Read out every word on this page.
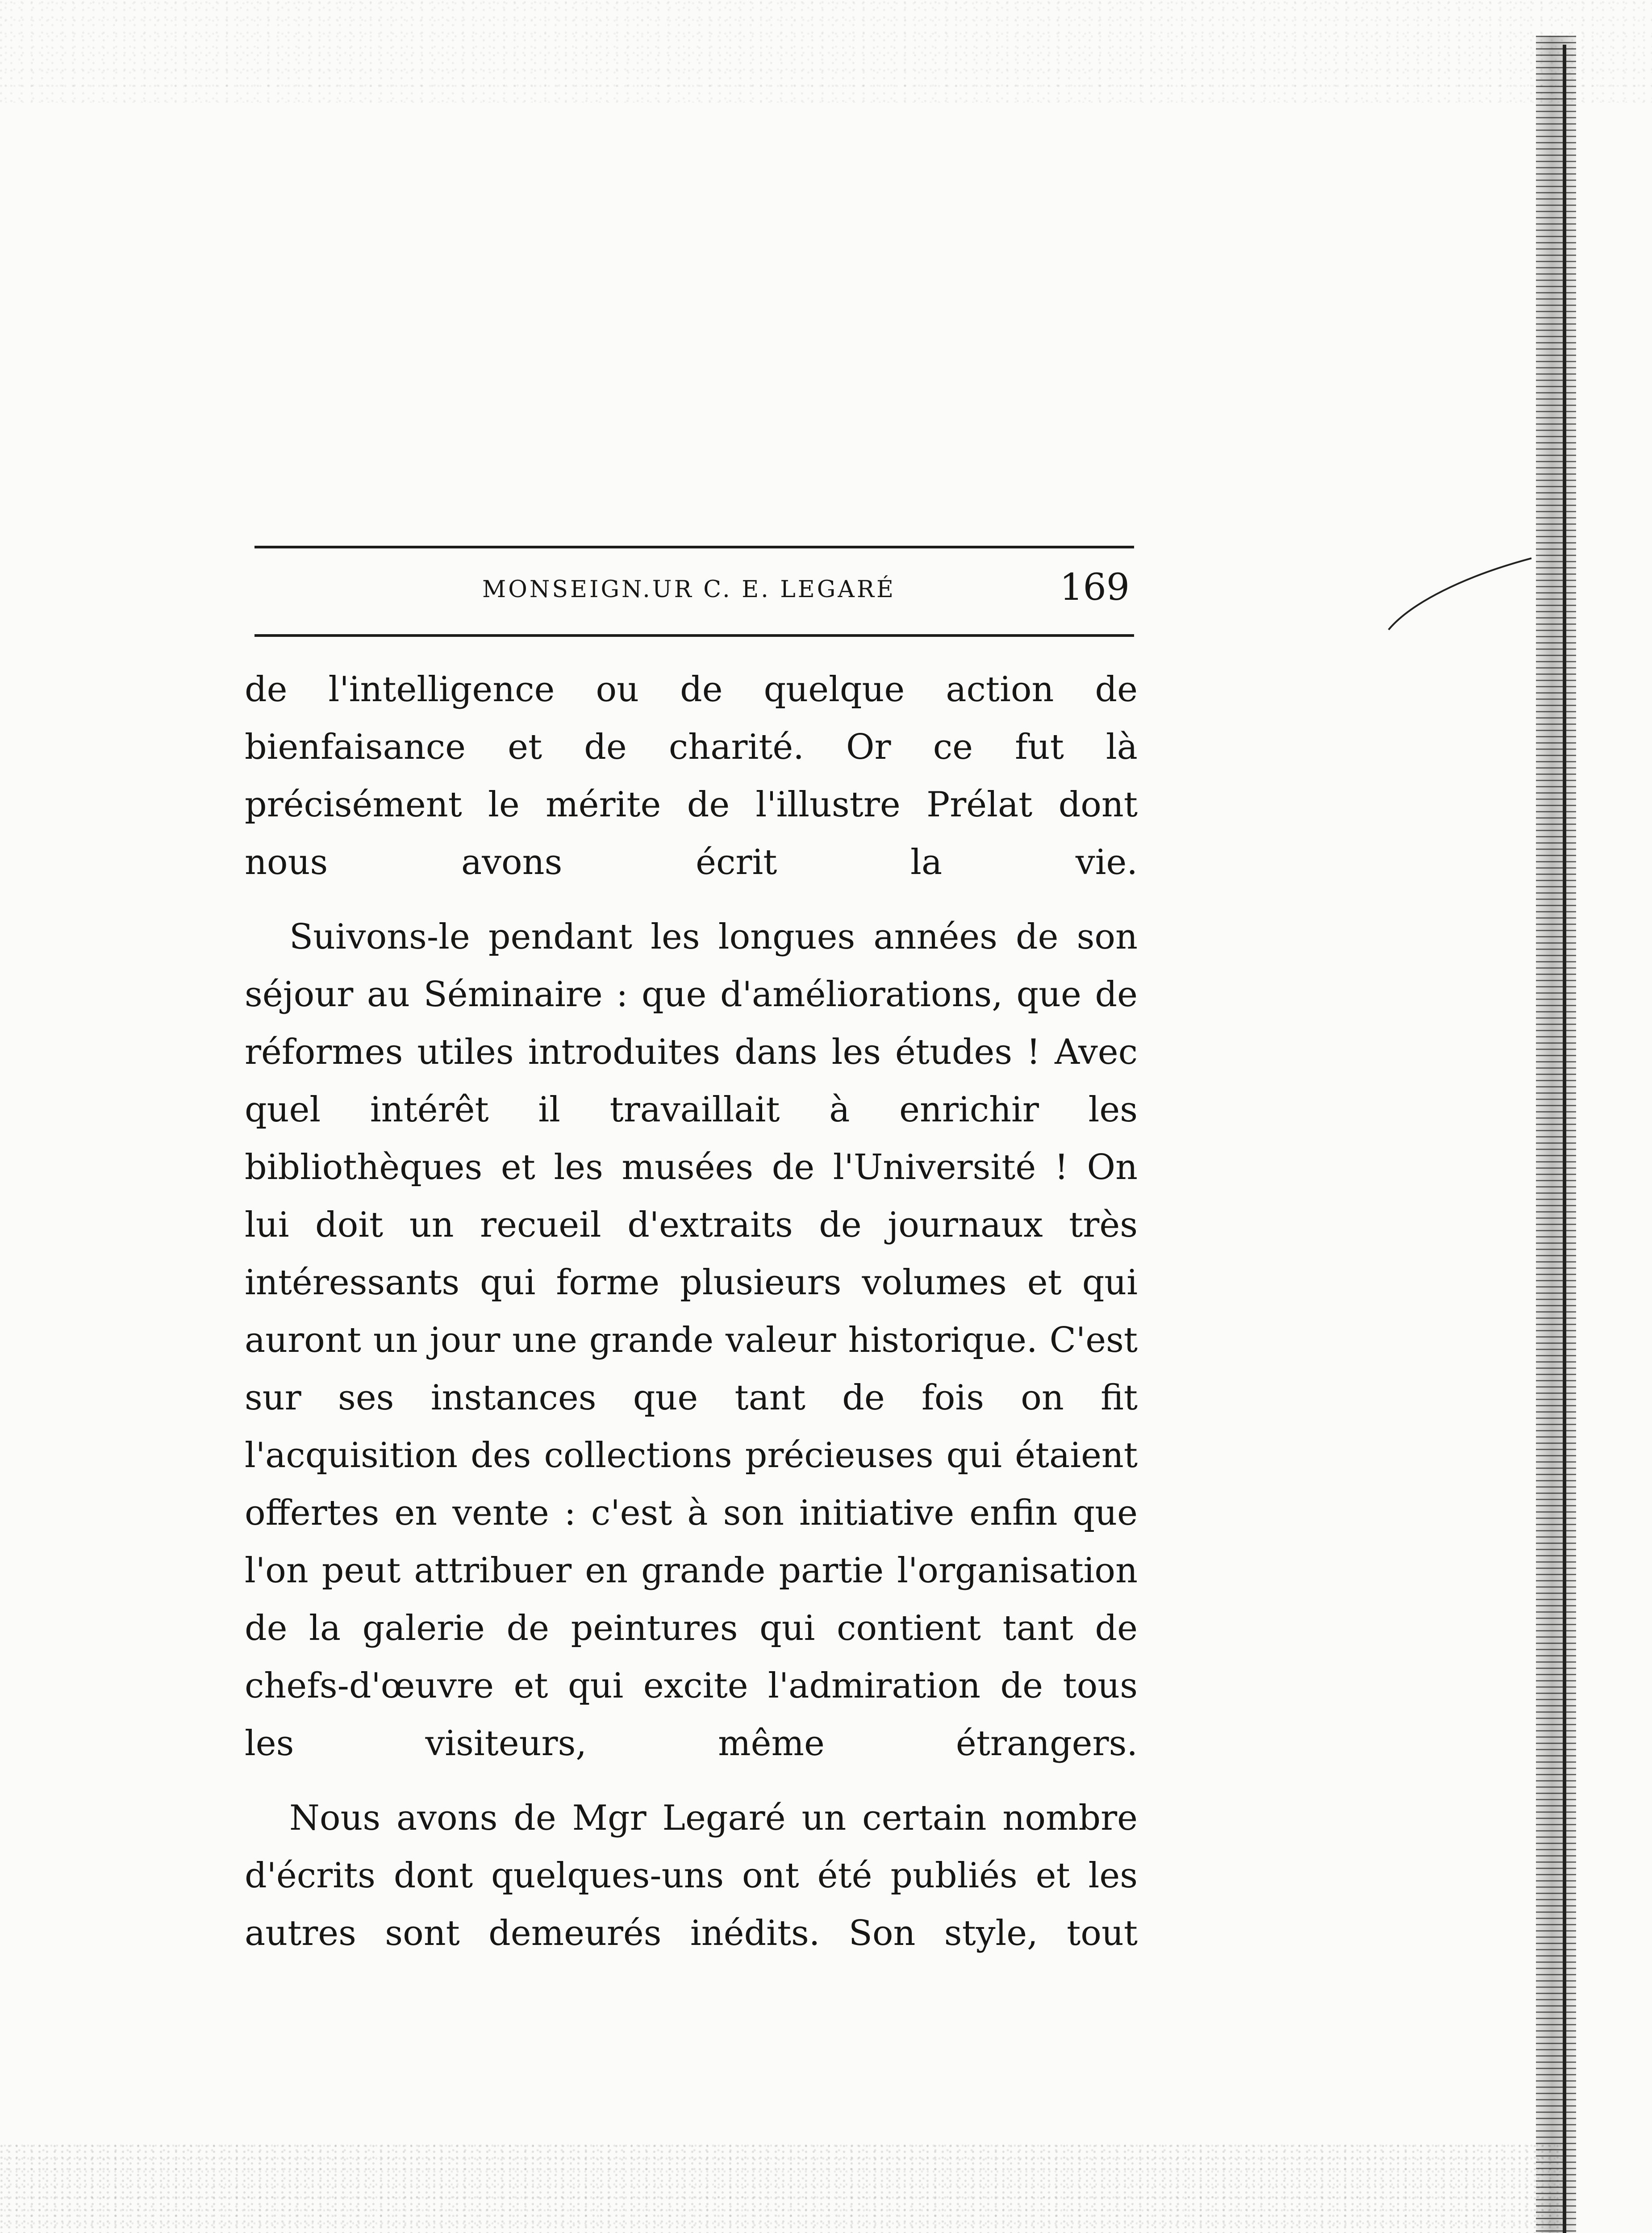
MONSEIGN.UR C. E. LEGARÉ	169

de l'intelligence ou de quelque action de bienfaisance et de charité. Or ce fut là précisément le mérite de l'illustre Prélat dont nous avons écrit la vie.

Suivons-le pendant les longues années de son séjour au Séminaire : que d'améliorations, que de réformes utiles introduites dans les études ! Avec quel intérêt il travaillait à enrichir les bibliothèques et les musées de l'Université ! On lui doit un recueil d'extraits de journaux très intéressants qui forme plusieurs volumes et qui auront un jour une grande valeur historique. C'est sur ses instances que tant de fois on fit l'acquisition des collections précieuses qui étaient offertes en vente : c'est à son initiative enfin que l'on peut attribuer en grande partie l'organisation de la galerie de peintures qui contient tant de chefs-d'œuvre et qui excite l'admiration de tous les visiteurs, même étrangers.

Nous avons de Mgr Legaré un certain nombre d'écrits dont quelques-uns ont été publiés et les autres sont demeurés inédits. Son style, tout
